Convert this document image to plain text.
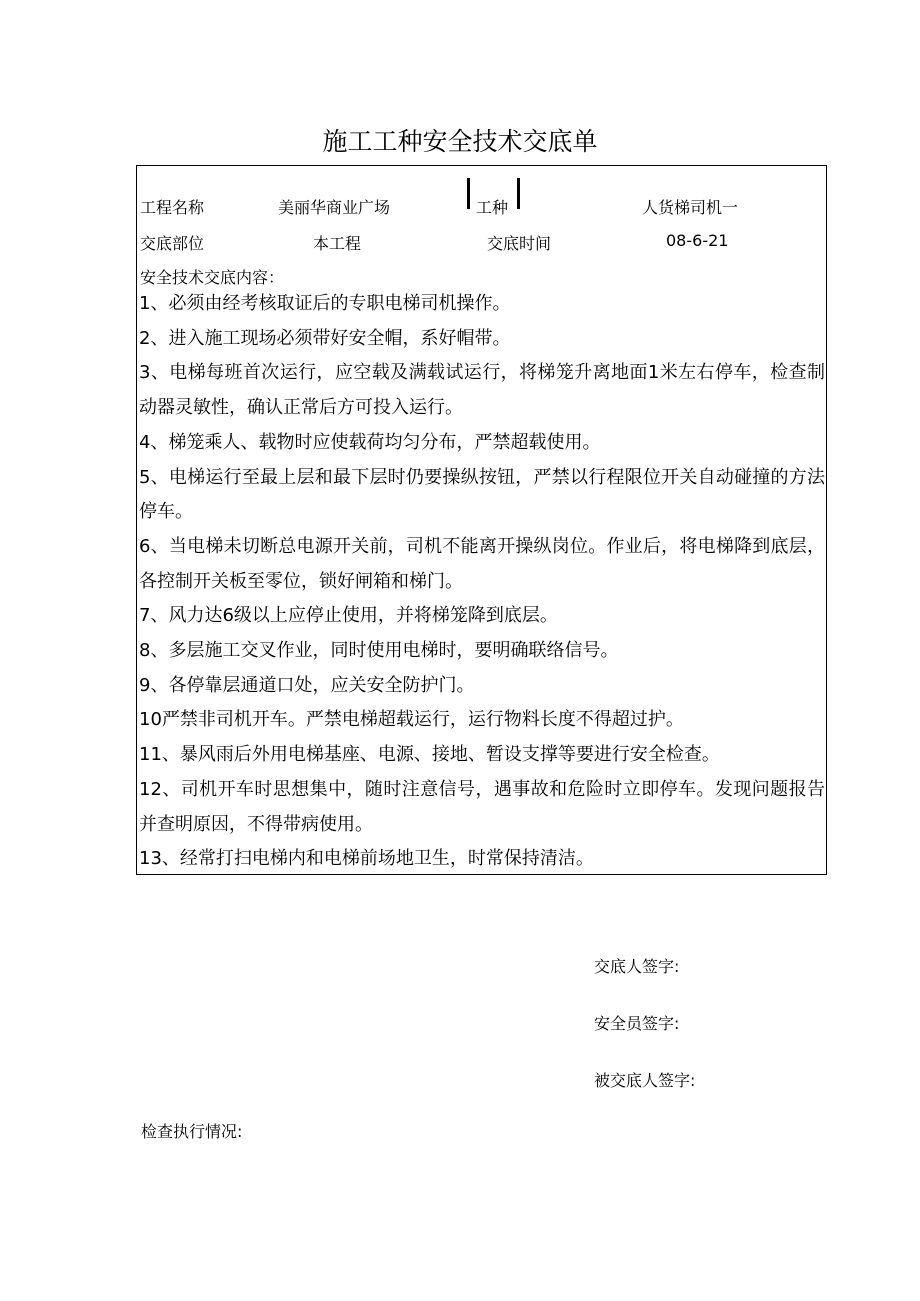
施工工种安全技术交底单
工程名称	美丽华商业广场	工种	人货梯司机一
交底部位	本工程	交底时间	08-6-21
安全技术交底内容：
1、必须由经考核取证后的专职电梯司机操作。
2、进入施工现场必须带好安全帽，系好帽带。
3、电梯每班首次运行，应空载及满载试运行，将梯笼升离地面1米左右停车，检查制动器灵敏性，确认正常后方可投入运行。
4、梯笼乘人、载物时应使载荷均匀分布，严禁超载使用。
5、电梯运行至最上层和最下层时仍要操纵按钮，严禁以行程限位开关自动碰撞的方法停车。
6、当电梯未切断总电源开关前，司机不能离开操纵岗位。作业后，将电梯降到底层，各控制开关板至零位，锁好闸箱和梯门。
7、风力达6级以上应停止使用，并将梯笼降到底层。
8、多层施工交叉作业，同时使用电梯时，要明确联络信号。
9、各停靠层通道口处，应关安全防护门。
10严禁非司机开车。严禁电梯超载运行，运行物料长度不得超过护。
11、暴风雨后外用电梯基座、电源、接地、暂设支撑等要进行安全检查。
12、司机开车时思想集中，随时注意信号，遇事故和危险时立即停车。发现问题报告并查明原因，不得带病使用。
13、经常打扫电梯内和电梯前场地卫生，时常保持清洁。
交底人签字:
安全员签字:
被交底人签字:
检查执行情况:
